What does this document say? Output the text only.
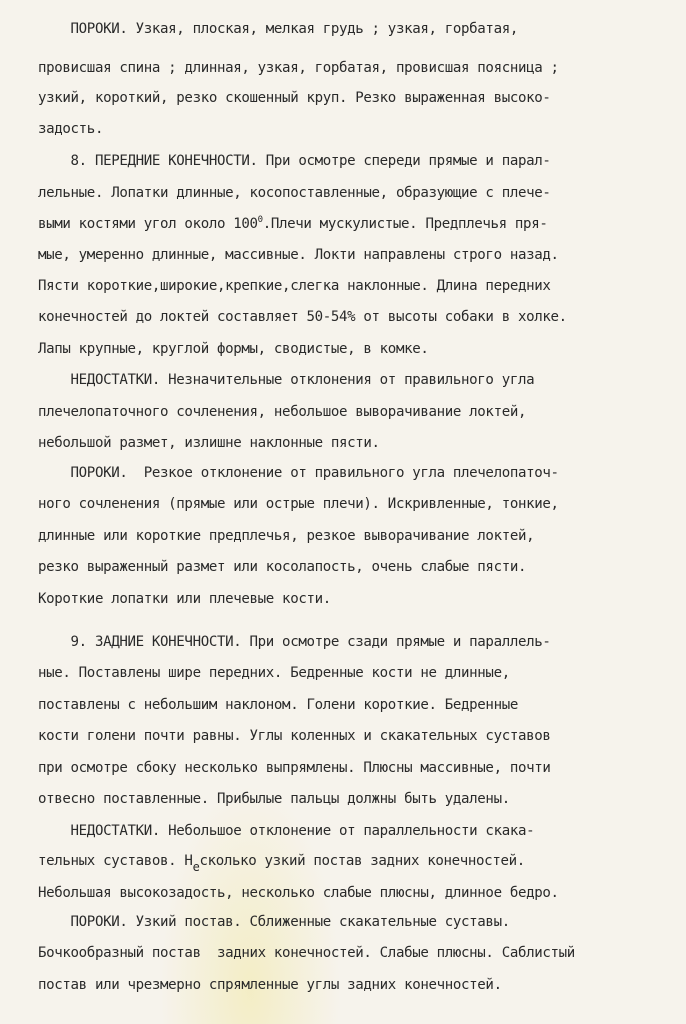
ПОРОКИ. Узкая, плоская, мелкая грудь ; узкая, горбатая,
провисшая спина ; длинная, узкая, горбатая, провисшая поясница ;
узкий, короткий, резко скошенный круп. Резко выраженная высоко-
задость.
8. ПЕРЕДНИЕ КОНЕЧНОСТИ. При осмотре спереди прямые и парал-
лельные. Лопатки длинные, косопоставленные, образующие с плече-
выми костями угол около $100^0.Плечи$ мускулистые. Предплечья пря-
мые, умеренно длинные, массивные. Локти направлены строго назад.
Пясти короткие,широкие,крепкие,слегка наклонные. Длина передних
конечностей до локтей составляет 50-54% от высоты собаки в холке.
Лапы крупные, круглой формы, сводистые, в комке.
НЕДОСТАТКИ. Незначительные отклонения от правильного угла
плечелопаточного сочленения, небольшое выворачивание локтей,
небольшой размет, излишне наклонные пясти.
ПОРОКИ.  Резкое отклонение от правильного угла плечелопаточ-
ного сочленения (прямые или острые плечи). Искривленные, тонкие,
длинные или короткие предплечья, резкое выворачивание локтей,
резко выраженный размет или косолапость, очень слабые пясти.
Короткие лопатки или плечевые кости.
9. ЗАДНИЕ КОНЕЧНОСТИ. При осмотре сзади прямые и параллель-
ные. Поставлены шире передних. Бедренные кости не длинные,
поставлены с небольшим наклоном. Голени короткие. Бедренные
кости голени почти равны. Углы коленных и скакательных суставов
при осмотре сбоку несколько выпрямлены. Плюсны массивные, почти
отвесно поставленные. Прибылые пальцы должны быть удалены.
НЕДОСТАТКИ. Небольшое отклонение от параллельности скака-
тельных суставов. Несколько узкий постав задних конечностей.
Небольшая высокозадость, несколько слабые плюсны, длинное бедро.
ПОРОКИ. Узкий постав. Сближенные скакательные суставы.
Бочкообразный постав  задних конечностей. Слабые плюсны. Саблистый
постав или чрезмерно спрямленные углы задних конечностей.
